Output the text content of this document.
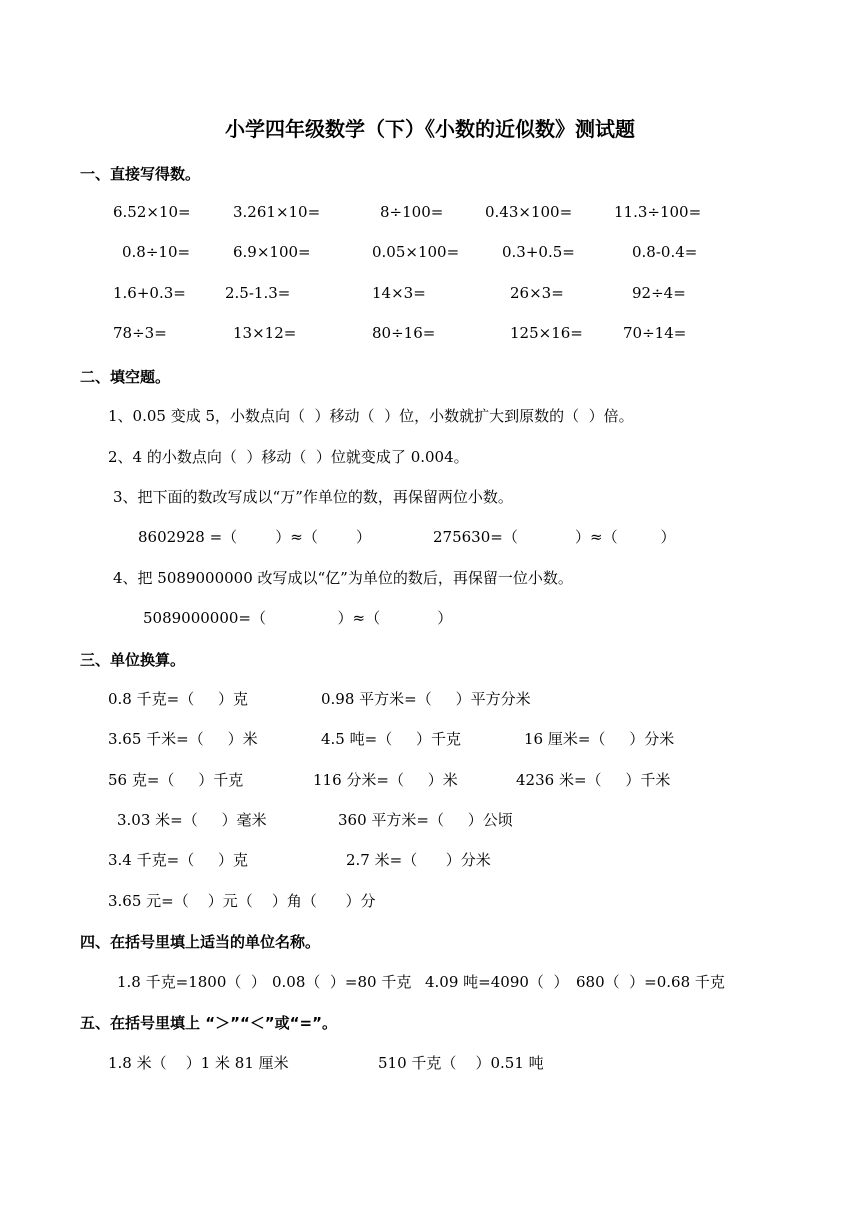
小学四年级数学（下）《小数的近似数》测试题
一、直接写得数。
6.52×10=	3.261×10=	8÷100=	0.43×100=	11.3÷100=
0.8÷10=	6.9×100=	0.05×100=	0.3+0.5=	0.8-0.4=
1.6+0.3=	2.5-1.3=	14×3=	26×3=	92÷4=
78÷3=	13×12=	80÷16=	125×16=	70÷14=
二、填空题。
1、0.05 变成 5，小数点向（  ）移动（  ）位，小数就扩大到原数的（  ）倍。
2、4 的小数点向（  ）移动（  ）位就变成了 0.004。
3、把下面的数改写成以“万”作单位的数，再保留两位小数。
8602928 =（        ）≈（        ）	275630=（            ）≈（         ）
4、把 5089000000 改写成以“亿”为单位的数后，再保留一位小数。
5089000000=（               ）≈（            ）
三、单位换算。
0.8 千克=（     ）克	0.98 平方米=（     ）平方分米
3.65 千米=（     ）米	4.5 吨=（     ）千克	16 厘米=（     ）分米
56 克=（     ）千克	116 分米=（     ）米	4236 米=（     ）千米
3.03 米=（     ）毫米	360 平方米=（     ）公顷
3.4 千克=（     ）克	2.7 米=（      ）分米
3.65 元=（    ）元（    ）角（      ）分
四、在括号里填上适当的单位名称。
1.8 千克=1800（  ） 0.08（  ）=80 千克 4.09 吨=4090（  ） 680（  ）=0.68 千克
五、在括号里填上 “＞”“＜”或“=”。
1.8 米（    ）1 米 81 厘米	510 千克（    ）0.51 吨
